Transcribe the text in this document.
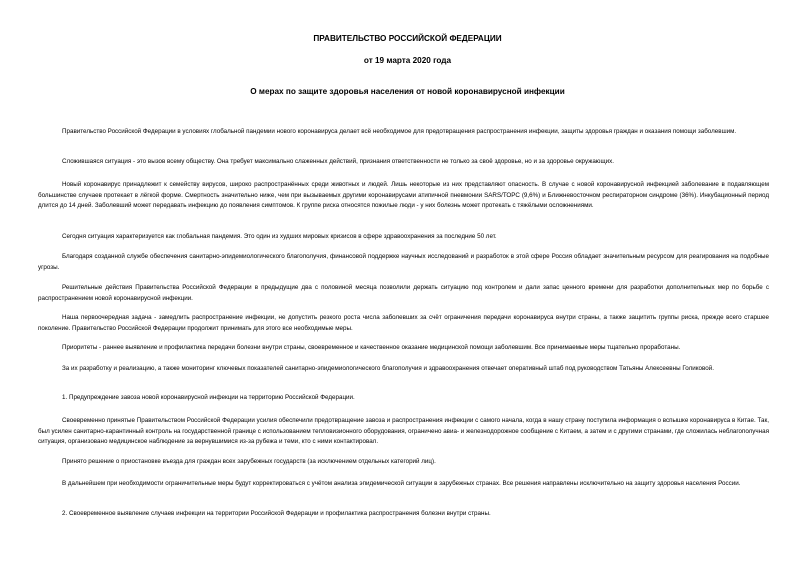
ПРАВИТЕЛЬСТВО РОССИЙСКОЙ ФЕДЕРАЦИИ
от 19 марта 2020 года
О мерах по защите здоровья населения от новой коронавирусной инфекции

Правительство Российской Федерации в условиях глобальной пандемии нового коронавируса делает всё необходимое для предотвращения распространения инфекции, защиты здоровья граждан и оказания помощи заболевшим.

Сложившаяся ситуация - это вызов всему обществу. Она требует максимально слаженных действий, признания ответственности не только за своё здоровье, но и за здоровье окружающих.

Новый коронавирус принадлежит к семейству вирусов, широко распространённых среди животных и людей. Лишь некоторые из них представляют опасность. В случае с новой коронавирусной инфекцией заболевание в подавляющем большинстве случаев протекает в лёгкой форме. Смертность значительно ниже, чем при вызываемых другими коронавирусами атипичной пневмонии SARS/ТОРС (9,6%) и Ближневосточном респираторном синдроме (36%). Инкубационный период длится до 14 дней. Заболевший может передавать инфекцию до появления симптомов. К группе риска относятся пожилые люди - у них болезнь может протекать с тяжёлыми осложнениями.

Сегодня ситуация характеризуется как глобальная пандемия. Это один из худших мировых кризисов в сфере здравоохранения за последние 50 лет.

Благодаря созданной службе обеспечения санитарно-эпидемиологического благополучия, финансовой поддержке научных исследований и разработок в этой сфере Россия обладает значительным ресурсом для реагирования на подобные угрозы.

Решительные действия Правительства Российской Федерации в предыдущие два с половиной месяца позволили держать ситуацию под контролем и дали запас ценного времени для разработки дополнительных мер по борьбе с распространением новой коронавирусной инфекции.

Наша первоочередная задача - замедлить распространение инфекции, не допустить резкого роста числа заболевших за счёт ограничения передачи коронавируса внутри страны, а также защитить группы риска, прежде всего старшее поколение. Правительство Российской Федерации продолжит принимать для этого все необходимые меры.

Приоритеты - раннее выявление и профилактика передачи болезни внутри страны, своевременное и качественное оказание медицинской помощи заболевшим. Все принимаемые меры тщательно проработаны.

За их разработку и реализацию, а также мониторинг ключевых показателей санитарно-эпидемиологического благополучия и здравоохранения отвечает оперативный штаб под руководством Татьяны Алексеевны Голиковой.

1. Предупреждение завоза новой коронавирусной инфекции на территорию Российской Федерации.

Своевременно принятые Правительством Российской Федерации усилия обеспечили предотвращение завоза и распространения инфекции с самого начала, когда в нашу страну поступила информация о вспышке коронавируса в Китае. Так, был усилен санитарно-карантинный контроль на государственной границе с использованием тепловизионного оборудования, ограничено авиа- и железнодорожное сообщение с Китаем, а затем и с другими странами, где сложилась неблагополучная ситуация, организовано медицинское наблюдение за вернувшимися из-за рубежа и теми, кто с ними контактировал.

Принято решение о приостановке въезда для граждан всех зарубежных государств (за исключением отдельных категорий лиц).

В дальнейшем при необходимости ограничительные меры будут корректироваться с учётом анализа эпидемической ситуации в зарубежных странах. Все решения направлены исключительно на защиту здоровья населения России.

2. Своевременное выявление случаев инфекции на территории Российской Федерации и профилактика распространения болезни внутри страны.
